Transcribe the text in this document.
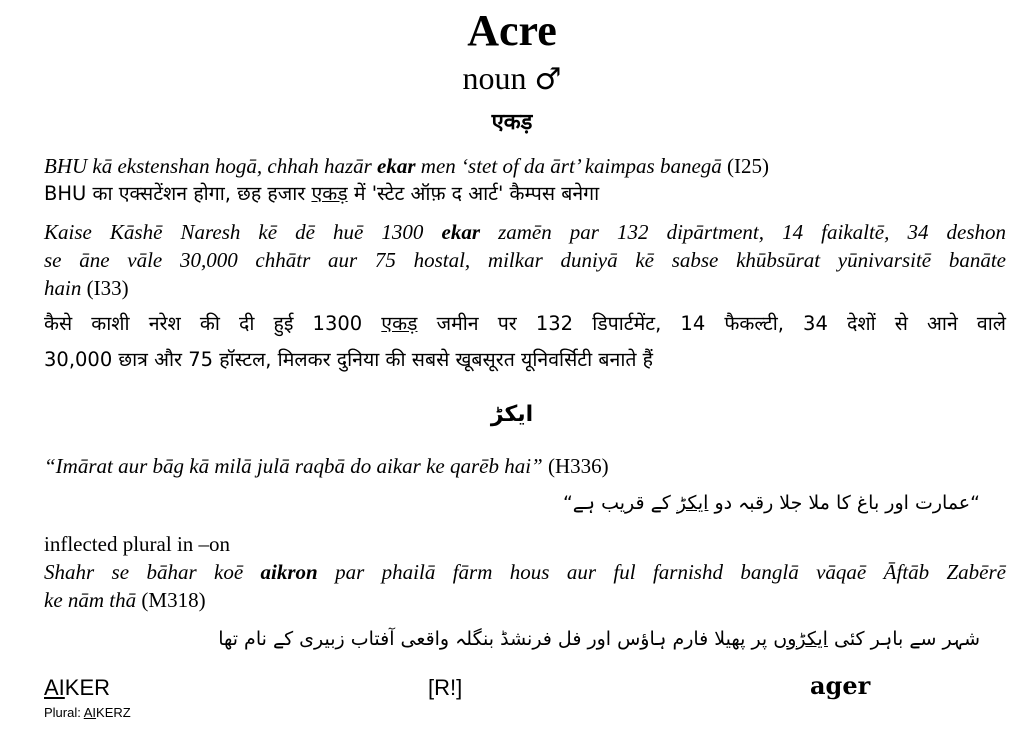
Acre
noun ♂
एकड़
BHU kā ekstenshan hogā, chhah hazār ekar men ‘stet of da ārt’ kaimpas banegā (I25)
BHU का एक्सटेंशन होगा, छह हजार एकड़ में 'स्टेट ऑफ़ द आर्ट' कैम्पस बनेगा
Kaise Kāshē Naresh kē dē huē 1300 ekar zamēn par 132 dipārtment, 14 faikaltē, 34 deshon
se āne vāle 30,000 chhātr aur 75 hostal, milkar duniyā kē sabse khūbsūrat yūnivarsitē banāte
hain (I33)
कैसे काशी नरेश की दी हुई 1300 एकड़ जमीन पर 132 डिपार्टमेंट, 14 फैकल्टी, 34 देशों से आने वाले
30,000 छात्र और 75 हॉस्टल, मिलकर दुनिया की सबसे खूबसूरत यूनिवर्सिटी बनाते हैं
ایکڑ
“Imārat aur bāg kā milā julā raqbā do aikar ke qarēb hai” (H336)
“عمارت اور باغ کا ملا جلا رقبہ دو ایکڑ کے قریب ہے“
inflected plural in –on
Shahr se bāhar koē aikron par phailā fārm hous aur ful farnishd banglā vāqaē Āftāb Zabērē
ke nām thā (M318)
شہر سے باہر کئی ایکڑوں پر پھیلا فارم ہاؤس اور فل فرنشڈ بنگلہ واقعی آفتاب زبیری کے نام تھا
AIKER	[R!]	ager
Plural: AIKERZ
